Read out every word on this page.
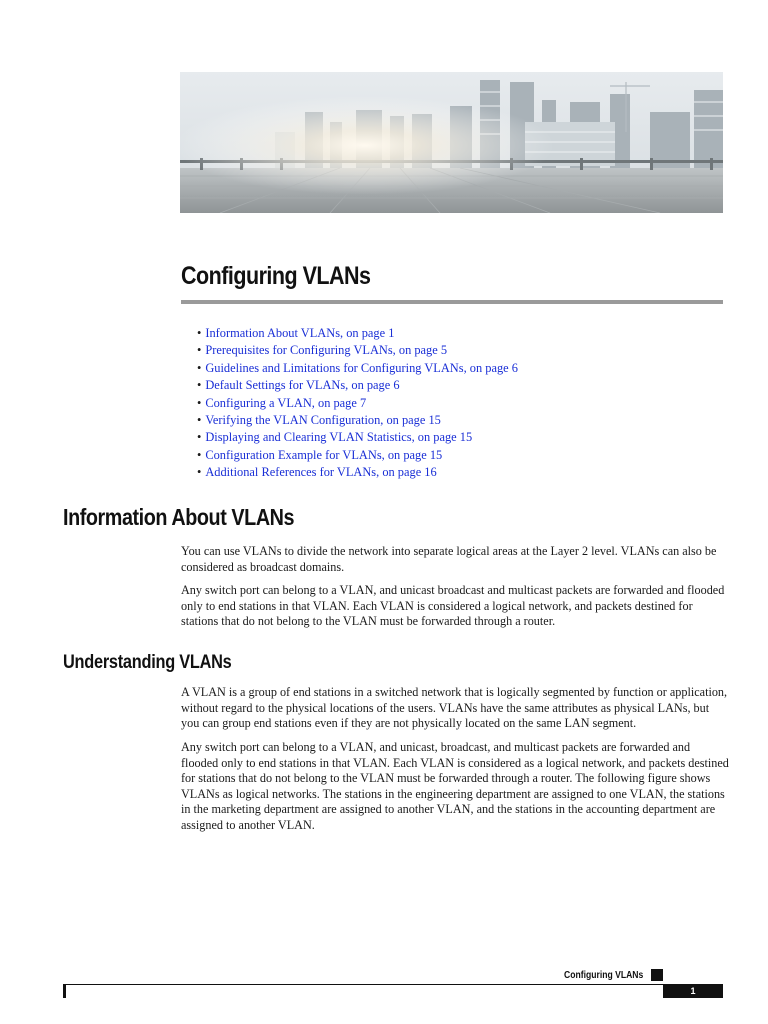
Configuring VLANs
• Information About VLANs, on page 1
• Prerequisites for Configuring VLANs, on page 5
• Guidelines and Limitations for Configuring VLANs, on page 6
• Default Settings for VLANs, on page 6
• Configuring a VLAN, on page 7
• Verifying the VLAN Configuration, on page 15
• Displaying and Clearing VLAN Statistics, on page 15
• Configuration Example for VLANs, on page 15
• Additional References for VLANs, on page 16
Information About VLANs

You can use VLANs to divide the network into separate logical areas at the Layer 2 level. VLANs can also be considered as broadcast domains.

Any switch port can belong to a VLAN, and unicast broadcast and multicast packets are forwarded and flooded only to end stations in that VLAN. Each VLAN is considered a logical network, and packets destined for stations that do not belong to the VLAN must be forwarded through a router.

Understanding VLANs

A VLAN is a group of end stations in a switched network that is logically segmented by function or application, without regard to the physical locations of the users. VLANs have the same attributes as physical LANs, but you can group end stations even if they are not physically located on the same LAN segment.

Any switch port can belong to a VLAN, and unicast, broadcast, and multicast packets are forwarded and flooded only to end stations in that VLAN. Each VLAN is considered as a logical network, and packets destined for stations that do not belong to the VLAN must be forwarded through a router. The following figure shows VLANs as logical networks. The stations in the engineering department are assigned to one VLAN, the stations in the marketing department are assigned to another VLAN, and the stations in the accounting department are assigned to another VLAN.

Configuring VLANs
1
